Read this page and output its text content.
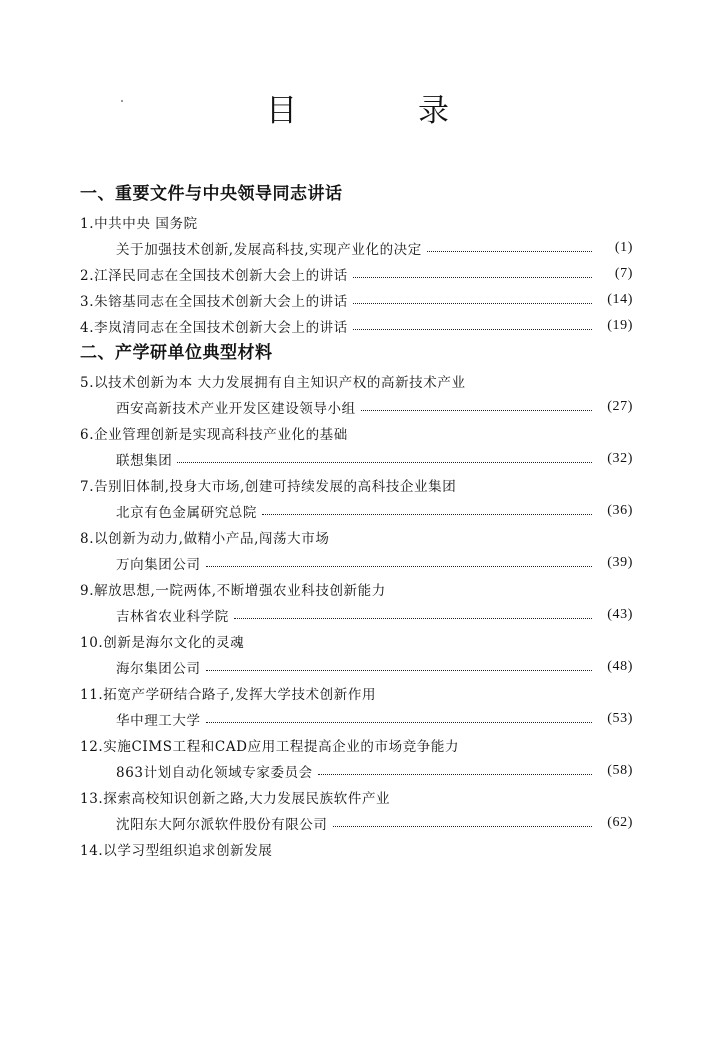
目	录
一、重要文件与中央领导同志讲话
1.中共中央 国务院
关于加强技术创新,发展高科技,实现产业化的决定	(1)
2.江泽民同志在全国技术创新大会上的讲话	(7)
3.朱镕基同志在全国技术创新大会上的讲话	(14)
4.李岚清同志在全国技术创新大会上的讲话	(19)
二、产学研单位典型材料
5.以技术创新为本 大力发展拥有自主知识产权的高新技术产业
西安高新技术产业开发区建设领导小组	(27)
6.企业管理创新是实现高科技产业化的基础
联想集团	(32)
7.告别旧体制,投身大市场,创建可持续发展的高科技企业集团
北京有色金属研究总院	(36)
8.以创新为动力,做精小产品,闯荡大市场
万向集团公司	(39)
9.解放思想,一院两体,不断增强农业科技创新能力
吉林省农业科学院	(43)
10.创新是海尔文化的灵魂
海尔集团公司	(48)
11.拓宽产学研结合路子,发挥大学技术创新作用
华中理工大学	(53)
12.实施CIMS工程和CAD应用工程提高企业的市场竞争能力
863计划自动化领域专家委员会	(58)
13.探索高校知识创新之路,大力发展民族软件产业
沈阳东大阿尔派软件股份有限公司	(62)
14.以学习型组织追求创新发展
